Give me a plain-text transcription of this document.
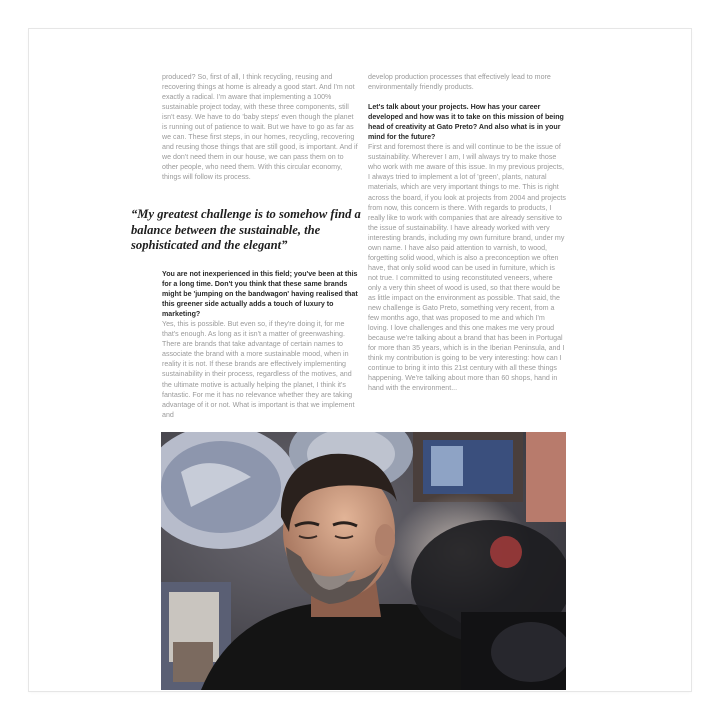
produced? So, first of all, I think recycling, reusing and recovering things at home is already a good start. And I'm not exactly a radical. I'm aware that implementing a 100% sustainable project today, with these three components, still isn't easy. We have to do 'baby steps' even though the planet is running out of patience to wait. But we have to go as far as we can. These first steps, in our homes, recycling, recovering and reusing those things that are still good, is important. And if we don't need them in our house, we can pass them on to other people, who need them. With this circular economy, things will follow its process.

“My greatest challenge is to somehow find a balance between the sustainable, the sophisticated and the elegant”

You are not inexperienced in this field; you've been at this for a long time. Don't you think that these same brands might be 'jumping on the bandwagon' having realised that this greener side actually adds a touch of luxury to marketing?

Yes, this is possible. But even so, if they're doing it, for me that's enough. As long as it isn't a matter of greenwashing. There are brands that take advantage of certain names to associate the brand with a more sustainable mood, when in reality it is not. If these brands are effectively implementing sustainability in their process, regardless of the motives, and the ultimate motive is actually helping the planet, I think it's fantastic. For me it has no relevance whether they are taking advantage of it or not. What is important is that we implement and

develop production processes that effectively lead to more environmentally friendly products.

Let's talk about your projects. How has your career developed and how was it to take on this mission of being head of creativity at Gato Preto? And also what is in your mind for the future?

First and foremost there is and will continue to be the issue of sustainability. Wherever I am, I will always try to make those who work with me aware of this issue. In my previous projects, I always tried to implement a lot of 'green', plants, natural materials, which are very important things to me. This is right across the board, if you look at projects from 2004 and projects from now, this concern is there. With regards to products, I really like to work with companies that are already sensitive to the issue of sustainability. I have already worked with very interesting brands, including my own furniture brand, under my own name. I have also paid attention to varnish, to wood, forgetting solid wood, which is also a preconception we often have, that only solid wood can be used in furniture, which is not true. I committed to using reconstituted veneers, where only a very thin sheet of wood is used, so that there would be as little impact on the environment as possible. That said, the new challenge is Gato Preto, something very recent, from a few months ago, that was proposed to me and which I'm loving. I love challenges and this one makes me very proud because we're talking about a brand that has been in Portugal for more than 35 years, which is in the Iberian Peninsula, and I think my contribution is going to be very interesting: how can I continue to bring it into this 21st century with all these things happening. We're talking about more than 60 shops, hand in hand with the environment...
